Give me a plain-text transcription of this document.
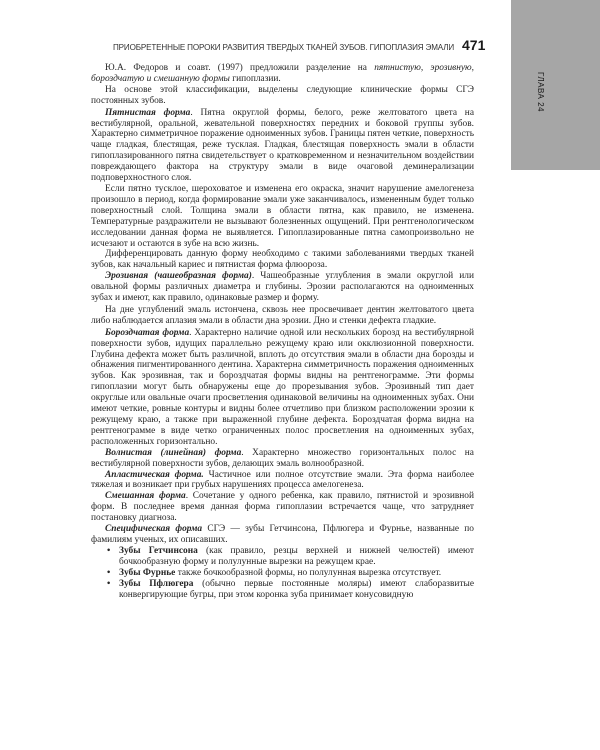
ГЛАВА 24
ПРИОБРЕТЕННЫЕ ПОРОКИ РАЗВИТИЯ ТВЕРДЫХ ТКАНЕЙ ЗУБОВ. ГИПОПЛАЗИЯ ЭМАЛИ 471

Ю.А. Федоров и соавт. (1997) предложили разделение на пятнистую, эрозивную, бороздчатую и смешанную формы гипоплазии.

На основе этой классификации, выделены следующие клинические формы СГЭ постоянных зубов.

Пятнистая форма. Пятна округлой формы, белого, реже желтоватого цвета на вестибулярной, оральной, жевательной поверхностях передних и боковой группы зубов. Характерно симметричное поражение одноименных зубов. Границы пятен четкие, поверхность чаще гладкая, блестящая, реже тусклая. Гладкая, блестящая поверхность эмали в области гипоплазированного пятна свидетельствует о кратковременном и незначительном воздействии повреждающего фактора на структуру эмали в виде очаговой деминерализации подповерхностного слоя.

Если пятно тусклое, шероховатое и изменена его окраска, значит нарушение амелогенеза произошло в период, когда формирование эмали уже заканчивалось, измененным будет только поверхностный слой. Толщина эмали в области пятна, как правило, не изменена. Температурные раздражители не вызывают болезненных ощущений. При рентгенологическом исследовании данная форма не выявляется. Гипоплазированные пятна самопроизвольно не исчезают и остаются в зубе на всю жизнь.

Дифференцировать данную форму необходимо с такими заболеваниями твердых тканей зубов, как начальный кариес и пятнистая форма флюороза.

Эрозивная (чашеобразная форма). Чашеобразные углубления в эмали округлой или овальной формы различных диаметра и глубины. Эрозии располагаются на одноименных зубах и имеют, как правило, одинаковые размер и форму.

На дне углублений эмаль истончена, сквозь нее просвечивает дентин желтоватого цвета либо наблюдается аплазия эмали в области дна эрозии. Дно и стенки дефекта гладкие.

Бороздчатая форма. Характерно наличие одной или нескольких борозд на вестибулярной поверхности зубов, идущих параллельно режущему краю или окклюзионной поверхности. Глубина дефекта может быть различной, вплоть до отсутствия эмали в области дна борозды и обнажения пигментированного дентина. Характерна симметричность поражения одноименных зубов. Как эрозивная, так и бороздчатая формы видны на рентгенограмме. Эти формы гипоплазии могут быть обнаружены еще до прорезывания зубов. Эрозивный тип дает округлые или овальные очаги просветления одинаковой величины на одноименных зубах. Они имеют четкие, ровные контуры и видны более отчетливо при близком расположении эрозии к режущему краю, а также при выраженной глубине дефекта. Бороздчатая форма видна на рентгенограмме в виде четко ограниченных полос просветления на одноименных зубах, расположенных горизонтально.

Волнистая (линейная) форма. Характерно множество горизонтальных полос на вестибулярной поверхности зубов, делающих эмаль волнообразной.

Апластическая форма. Частичное или полное отсутствие эмали. Эта форма наиболее тяжелая и возникает при грубых нарушениях процесса амелогенеза.

Смешанная форма. Сочетание у одного ребенка, как правило, пятнистой и эрозивной форм. В последнее время данная форма гипоплазии встречается чаще, что затрудняет постановку диагноза.

Специфическая форма СГЭ — зубы Гетчинсона, Пфлюгера и Фурнье, названные по фамилиям ученых, их описавших.

• Зубы Гетчинсона (как правило, резцы верхней и нижней челюстей) имеют бочкообразную форму и полулунные вырезки на режущем крае.
• Зубы Фурнье также бочкообразной формы, но полулунная вырезка отсутствует.
• Зубы Пфлюгера (обычно первые постоянные моляры) имеют слаборазвитые конвергирующие бугры, при этом коронка зуба принимает конусовидную
